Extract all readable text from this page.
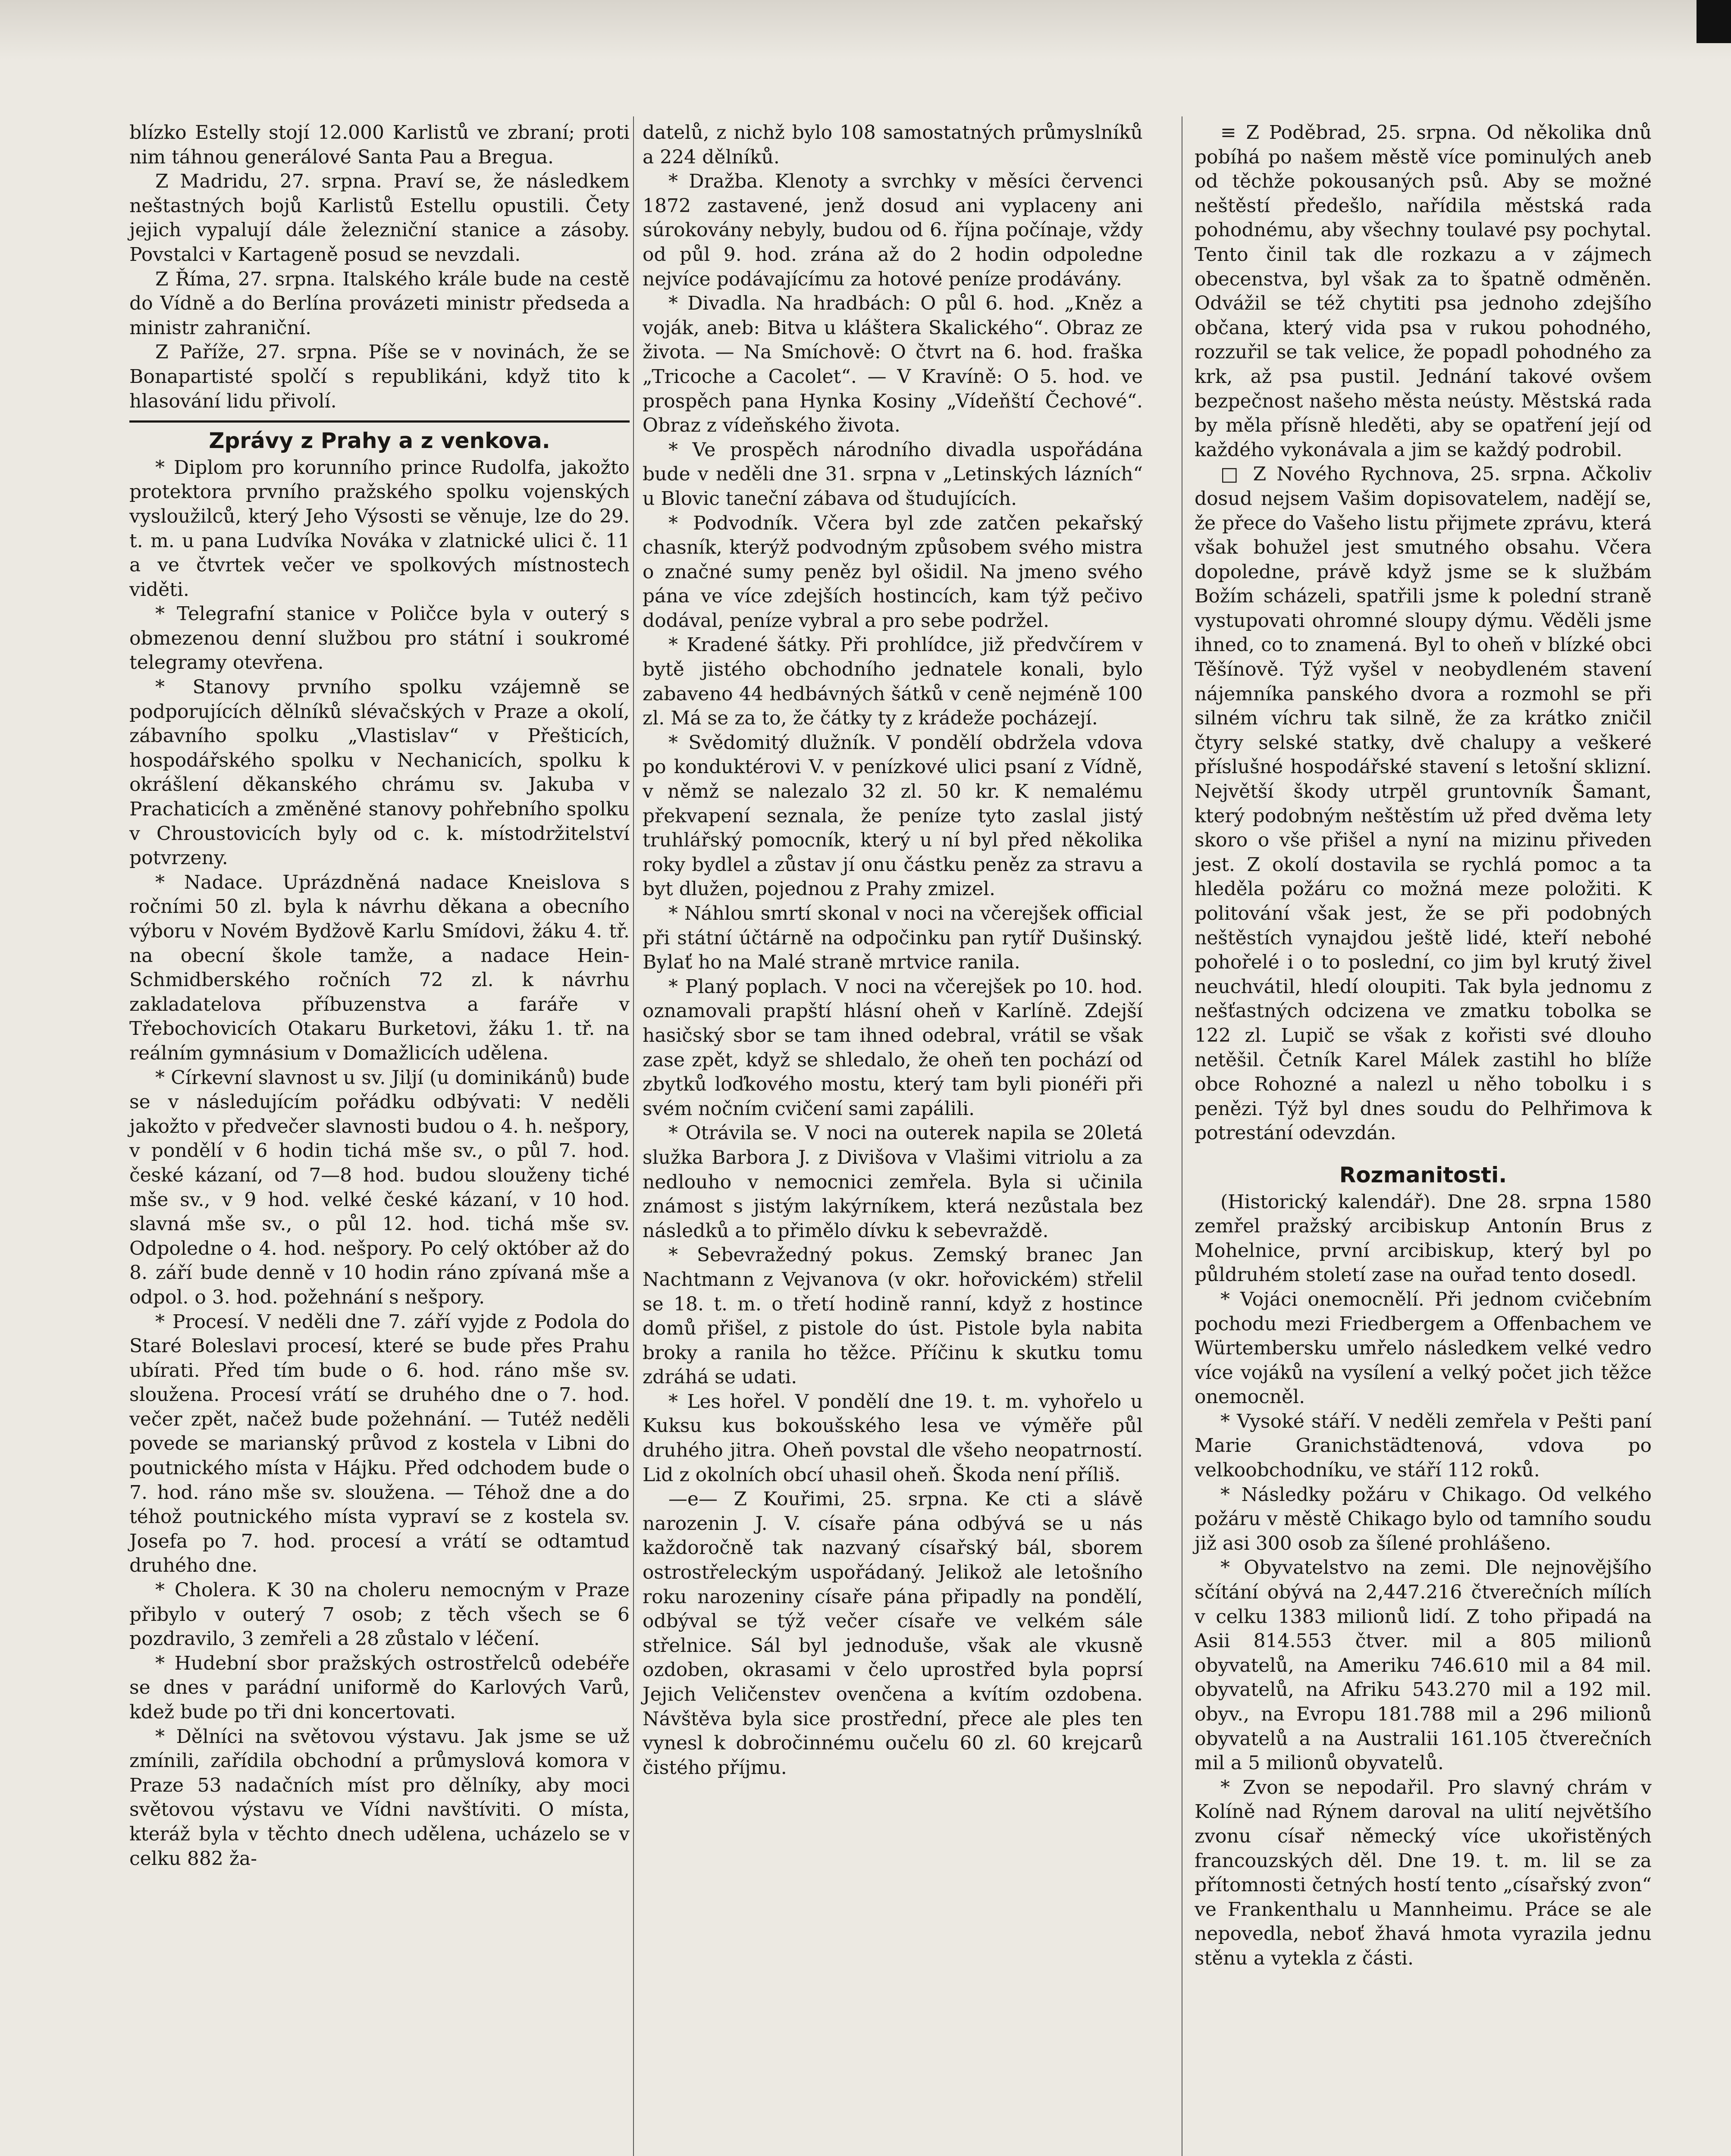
blízko Estelly stojí 12.000 Karlistů ve zbraní; proti nim táhnou generálové Santa Pau a Bregua.

Z Madridu, 27. srpna. Praví se, že následkem neštastných bojů Karlistů Estellu opustili. Čety jejich vypalují dále železniční stanice a zásoby. Povstalci v Kartageně posud se nevzdali.

Z Říma, 27. srpna. Italského krále bude na cestě do Vídně a do Berlína provázeti ministr předseda a ministr zahraniční.

Z Paříže, 27. srpna. Píše se v novinách, že se Bonapartisté spolčí s republikáni, když tito k hlasování lidu přivolí.

Zprávy z Prahy a z venkova.

* Diplom pro korunního prince Rudolfa, jakožto protektora prvního pražského spolku vojenských vysloužilců, který Jeho Výsosti se věnuje, lze do 29. t. m. u pana Ludvíka Nováka v zlatnické ulici č. 11 a ve čtvrtek večer ve spolkových místnostech viděti.

* Telegrafní stanice v Poličce byla v outerý s obmezenou denní službou pro státní i soukromé telegramy otevřena.

* Stanovy prvního spolku vzájemně se podporujících dělníků slévačských v Praze a okolí, zábavního spolku „Vlastislav“ v Přešticích, hospodářského spolku v Nechanicích, spolku k okrášlení děkanského chrámu sv. Jakuba v Prachaticích a změněné stanovy pohřebního spolku v Chroustovicích byly od c. k. místodržitelství potvrzeny.

* Nadace. Uprázdněná nadace Kneislova s ročními 50 zl. byla k návrhu děkana a obecního výboru v Novém Bydžově Karlu Smídovi, žáku 4. tř. na obecní škole tamže, a nadace Hein-Schmidberského ročních 72 zl. k návrhu zakladatelova příbuzenstva a faráře v Třebochovicích Otakaru Burketovi, žáku 1. tř. na reálním gymnásium v Domažlicích udělena.

* Církevní slavnost u sv. Jiljí (u dominikánů) bude se v následujícím pořádku odbývati: V neděli jakožto v předvečer slavnosti budou o 4. h. nešpory, v pondělí v 6 hodin tichá mše sv., o půl 7. hod. české kázaní, od 7—8 hod. budou slouženy tiché mše sv., v 9 hod. velké české kázaní, v 10 hod. slavná mše sv., o půl 12. hod. tichá mše sv. Odpoledne o 4. hod. nešpory. Po celý október až do 8. září bude denně v 10 hodin ráno zpívaná mše a odpol. o 3. hod. požehnání s nešpory.

* Procesí. V neděli dne 7. září vyjde z Podola do Staré Boleslavi procesí, které se bude přes Prahu ubírati. Před tím bude o 6. hod. ráno mše sv. sloužena. Procesí vrátí se druhého dne o 7. hod. večer zpět, načež bude požehnání. — Tutéž neděli povede se marianský průvod z kostela v Libni do poutnického místa v Hájku. Před odchodem bude o 7. hod. ráno mše sv. sloužena. — Téhož dne a do téhož poutnického místa vypraví se z kostela sv. Josefa po 7. hod. procesí a vrátí se odtamtud druhého dne.

* Cholera. K 30 na choleru nemocným v Praze přibylo v outerý 7 osob; z těch všech se 6 pozdravilo, 3 zemřeli a 28 zůstalo v léčení.

* Hudební sbor pražských ostrostřelců odebéře se dnes v parádní uniformě do Karlových Varů, kdež bude po tři dni koncertovati.

* Dělníci na světovou výstavu. Jak jsme se už zmínili, zařídila obchodní a průmyslová komora v Praze 53 nadačních míst pro dělníky, aby moci světovou výstavu ve Vídni navštíviti. O místa, kteráž byla v těchto dnech udělena, ucházelo se v celku 882 ža-

datelů, z nichž bylo 108 samostatných průmyslníků a 224 dělníků.

* Dražba. Klenoty a svrchky v měsíci červenci 1872 zastavené, jenž dosud ani vyplaceny ani súrokovány nebyly, budou od 6. října počínaje, vždy od půl 9. hod. zrána až do 2 hodin odpoledne nejvíce podávajícímu za hotové peníze prodávány.

* Divadla. Na hradbách: O půl 6. hod. „Kněz a voják, aneb: Bitva u kláštera Skalického“. Obraz ze života. — Na Smíchově: O čtvrt na 6. hod. fraška „Tricoche a Cacolet“. — V Kravíně: O 5. hod. ve prospěch pana Hynka Kosiny „Vídeňští Čechové“. Obraz z vídeňského života.

* Ve prospěch národního divadla uspořádána bude v neděli dne 31. srpna v „Letinských lázních“ u Blovic taneční zábava od študujících.

* Podvodník. Včera byl zde zatčen pekařský chasník, kterýž podvodným způsobem svého mistra o značné sumy peněz byl ošidil. Na jmeno svého pána ve více zdejších hostincích, kam týž pečivo dodával, peníze vybral a pro sebe podržel.

* Kradené šátky. Při prohlídce, již předvčírem v bytě jistého obchodního jednatele konali, bylo zabaveno 44 hedbávných šátků v ceně nejméně 100 zl. Má se za to, že čátky ty z krádeže pocházejí.

* Svědomitý dlužník. V pondělí obdržela vdova po konduktérovi V. v penízkové ulici psaní z Vídně, v němž se nalezalo 32 zl. 50 kr. K nemalému překvapení seznala, že peníze tyto zaslal jistý truhlářský pomocník, který u ní byl před několika roky bydlel a zůstav jí onu částku peněz za stravu a byt dlužen, pojednou z Prahy zmizel.

* Náhlou smrtí skonal v noci na včerejšek official při státní účtárně na odpočinku pan rytíř Dušinský. Bylať ho na Malé straně mrtvice ranila.

* Planý poplach. V noci na včerejšek po 10. hod. oznamovali prapští hlásní oheň v Karlíně. Zdejší hasičský sbor se tam ihned odebral, vrátil se však zase zpět, když se shledalo, že oheň ten pochází od zbytků loďkového mostu, který tam byli pionéři při svém nočním cvičení sami zapálili.

* Otrávila se. V noci na outerek napila se 20letá služka Barbora J. z Divišova v Vlašimi vitriolu a za nedlouho v nemocnici zemřela. Byla si učinila známost s jistým lakýrníkem, která nezůstala bez následků a to přimělo dívku k sebevraždě.

* Sebevražedný pokus. Zemský branec Jan Nachtmann z Vejvanova (v okr. hořovickém) střelil se 18. t. m. o třetí hodině ranní, když z hostince domů přišel, z pistole do úst. Pistole byla nabita broky a ranila ho těžce. Příčinu k skutku tomu zdráhá se udati.

* Les hořel. V pondělí dne 19. t. m. vyhořelo u Kuksu kus bokoušského lesa ve výměře půl druhého jitra. Oheň povstal dle všeho neopatrností. Lid z okolních obcí uhasil oheň. Škoda není příliš.

—e— Z Kouřimi, 25. srpna. Ke cti a slávě narozenin J. V. císaře pána odbývá se u nás každoročně tak nazvaný císařský bál, sborem ostrostřeleckým uspořádaný. Jelikož ale letošního roku narozeniny císaře pána připadly na pondělí, odbýval se týž večer císaře ve velkém sále střelnice. Sál byl jednoduše, však ale vkusně ozdoben, okrasami v čelo uprostřed byla poprsí Jejich Veličenstev ovenčena a kvítím ozdobena. Návštěva byla sice prostřední, přece ale ples ten vynesl k dobročinnému oučelu 60 zl. 60 krejcarů čistého příjmu.

≡ Z Poděbrad, 25. srpna. Od několika dnů pobíhá po našem městě více pominulých aneb od těchže pokousaných psů. Aby se možné neštěstí předešlo, nařídila městská rada pohodnému, aby všechny toulavé psy pochytal. Tento činil tak dle rozkazu a v zájmech obecenstva, byl však za to špatně odměněn. Odvážil se též chytiti psa jednoho zdejšího občana, který vida psa v rukou pohodného, rozzuřil se tak velice, že popadl pohodného za krk, až psa pustil. Jednání takové ovšem bezpečnost našeho města neústy. Městská rada by měla přísně hleděti, aby se opatření její od každého vykonávala a jim se každý podrobil.

□ Z Nového Rychnova, 25. srpna. Ačkoliv dosud nejsem Vašim dopisovatelem, nadějí se, že přece do Vašeho listu přijmete zprávu, která však bohužel jest smutného obsahu. Včera dopoledne, právě když jsme se k službám Božím scházeli, spatřili jsme k polední straně vystupovati ohromné sloupy dýmu. Věděli jsme ihned, co to znamená. Byl to oheň v blízké obci Těšínově. Týž vyšel v neobydleném stavení nájemníka panského dvora a rozmohl se při silném víchru tak silně, že za krátko zničil čtyry selské statky, dvě chalupy a veškeré příslušné hospodářské stavení s letošní sklizní. Největší škody utrpěl gruntovník Šamant, který podobným neštěstím už před dvěma lety skoro o vše přišel a nyní na mizinu přiveden jest. Z okolí dostavila se rychlá pomoc a ta hleděla požáru co možná meze položiti. K politování však jest, že se při podobných neštěstích vynajdou ještě lidé, kteří nebohé pohořelé i o to poslední, co jim byl krutý živel neuchvátil, hledí oloupiti. Tak byla jednomu z nešťastných odcizena ve zmatku tobolka se 122 zl. Lupič se však z kořisti své dlouho netěšil. Četník Karel Málek zastihl ho blíže obce Rohozné a nalezl u něho tobolku i s penězi. Týž byl dnes soudu do Pelhřimova k potrestání odevzdán.

Rozmanitosti.

(Historický kalendář). Dne 28. srpna 1580 zemřel pražský arcibiskup Antonín Brus z Mohelnice, první arcibiskup, který byl po půldruhém století zase na ouřad tento dosedl.

* Vojáci onemocnělí. Při jednom cvičebním pochodu mezi Friedbergem a Offenbachem ve Würtembersku umřelo následkem velké vedro více vojáků na vysílení a velký počet jich těžce onemocněl.

* Vysoké stáří. V neděli zemřela v Pešti paní Marie Granichstädtenová, vdova po velkoobchodníku, ve stáří 112 roků.

* Následky požáru v Chikago. Od velkého požáru v městě Chikago bylo od tamního soudu již asi 300 osob za šílené prohlášeno.

* Obyvatelstvo na zemi. Dle nejnovějšího sčítání obývá na 2,447.216 čtverečních mílích v celku 1383 milionů lidí. Z toho připadá na Asii 814.553 čtver. mil a 805 milionů obyvatelů, na Ameriku 746.610 mil a 84 mil. obyvatelů, na Afriku 543.270 mil a 192 mil. obyv., na Evropu 181.788 mil a 296 milionů obyvatelů a na Australii 161.105 čtverečních mil a 5 milionů obyvatelů.

* Zvon se nepodařil. Pro slavný chrám v Kolíně nad Rýnem daroval na ulití největšího zvonu císař německý více ukořistěných francouzských děl. Dne 19. t. m. lil se za přítomnosti četných hostí tento „císařský zvon“ ve Frankenthalu u Mannheimu. Práce se ale nepovedla, neboť žhavá hmota vyrazila jednu stěnu a vytekla z části.
